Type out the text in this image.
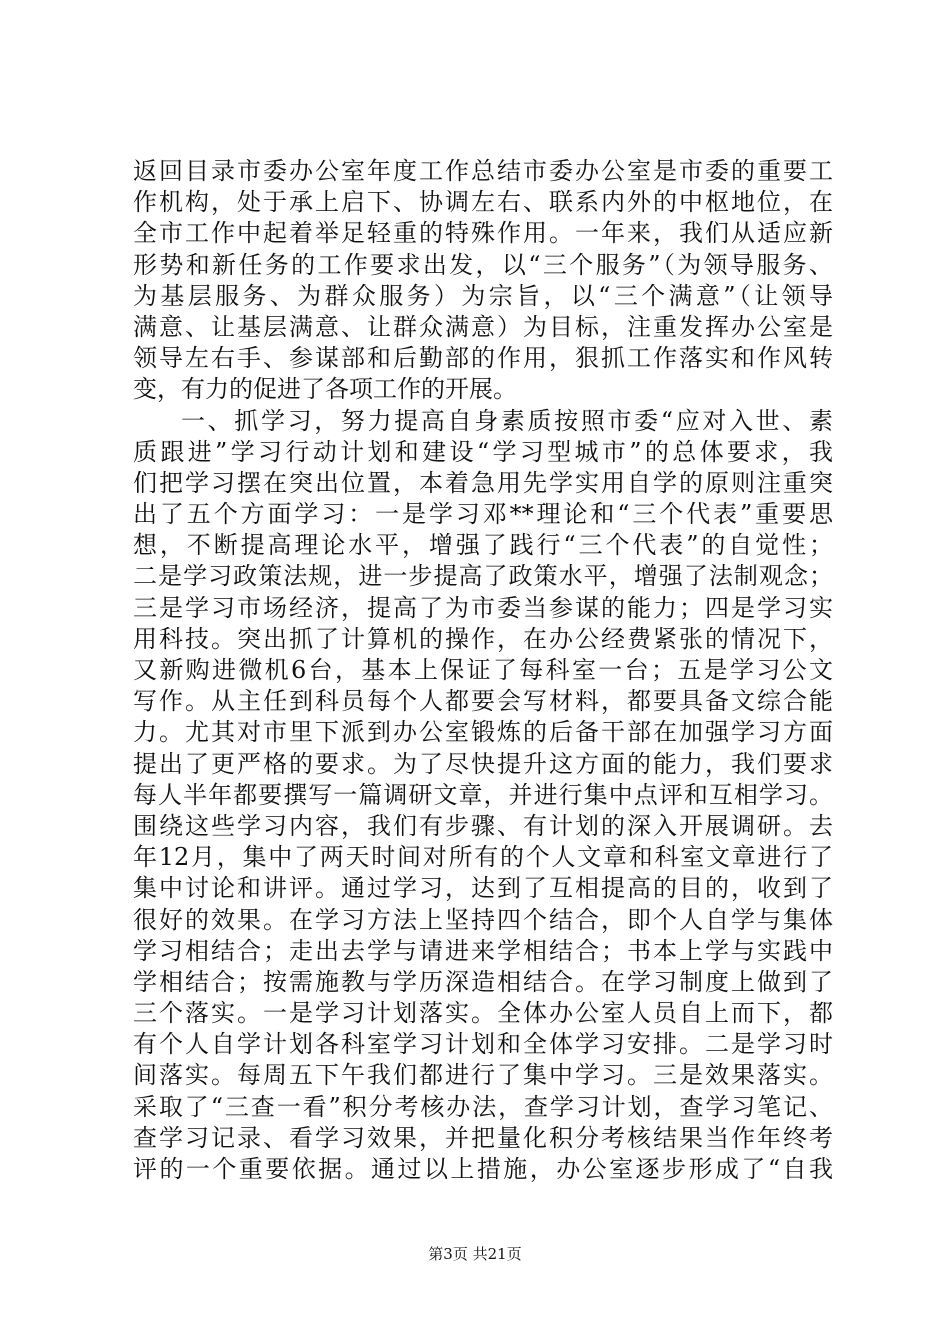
返回目录市委办公室年度工作总结市委办公室是市委的重要工
作机构，处于承上启下、协调左右、联系内外的中枢地位，在
全市工作中起着举足轻重的特殊作用。一年来，我们从适应新
形势和新任务的工作要求出发，以“三个服务”（为领导服务、
为基层服务、为群众服务）为宗旨，以“三个满意”（让领导
满意、让基层满意、让群众满意）为目标，注重发挥办公室是
领导左右手、参谋部和后勤部的作用，狠抓工作落实和作风转
变，有力的促进了各项工作的开展。
一、抓学习，努力提高自身素质按照市委“应对入世、素
质跟进”学习行动计划和建设“学习型城市”的总体要求，我
们把学习摆在突出位置，本着急用先学实用自学的原则注重突
出了五个方面学习：一是学习邓**理论和“三个代表”重要思
想，不断提高理论水平，增强了践行“三个代表”的自觉性；
二是学习政策法规，进一步提高了政策水平，增强了法制观念；
三是学习市场经济，提高了为市委当参谋的能力；四是学习实
用科技。突出抓了计算机的操作，在办公经费紧张的情况下，
又新购进微机6台，基本上保证了每科室一台；五是学习公文
写作。从主任到科员每个人都要会写材料，都要具备文综合能
力。尤其对市里下派到办公室锻炼的后备干部在加强学习方面
提出了更严格的要求。为了尽快提升这方面的能力，我们要求
每人半年都要撰写一篇调研文章，并进行集中点评和互相学习。
围绕这些学习内容，我们有步骤、有计划的深入开展调研。去
年12月，集中了两天时间对所有的个人文章和科室文章进行了
集中讨论和讲评。通过学习，达到了互相提高的目的，收到了
很好的效果。在学习方法上坚持四个结合，即个人自学与集体
学习相结合；走出去学与请进来学相结合；书本上学与实践中
学相结合；按需施教与学历深造相结合。在学习制度上做到了
三个落实。一是学习计划落实。全体办公室人员自上而下，都
有个人自学计划各科室学习计划和全体学习安排。二是学习时
间落实。每周五下午我们都进行了集中学习。三是效果落实。
采取了“三查一看”积分考核办法，查学习计划，查学习笔记、
查学习记录、看学习效果，并把量化积分考核结果当作年终考
评的一个重要依据。通过以上措施，办公室逐步形成了“自我
第3页 共21页
